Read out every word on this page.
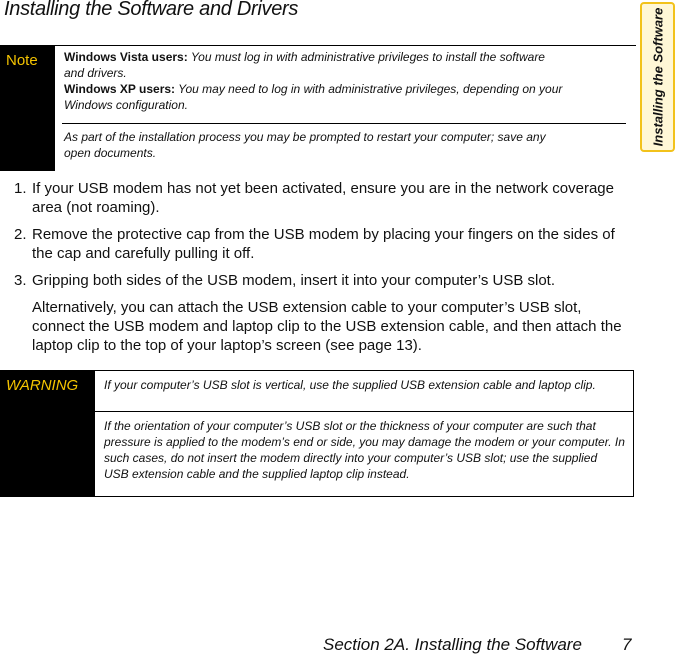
Installing the Software and Drivers	Installing the Software
Note	Windows Vista users: You must log in with administrative privileges to install the software

and drivers.

Windows XP users: You may need to log in with administrative privileges, depending on your

Windows configuration.

As part of the installation process you may be prompted to restart your computer; save any

open documents.

1. If your USB modem has not yet been activated, ensure you are in the network coverage area (not roaming).

2. Remove the protective cap from the USB modem by placing your fingers on the sides of the cap and carefully pulling it off.

3. Gripping both sides of the USB modem, insert it into your computer’s USB slot.

Alternatively, you can attach the USB extension cable to your computer’s USB slot, connect the USB modem and laptop clip to the USB extension cable, and then attach the laptop clip to the top of your laptop’s screen (see page 13).

WARNING	If your computer’s USB slot is vertical, use the supplied USB extension cable and laptop clip.
If the orientation of your computer’s USB slot or the thickness of your computer are such that pressure is applied to the modem’s end or side, you may damage the modem or your computer. In such cases, do not insert the modem directly into your computer’s USB slot; use the supplied USB extension cable and the supplied laptop clip instead.
Section 2A. Installing the Software 7
